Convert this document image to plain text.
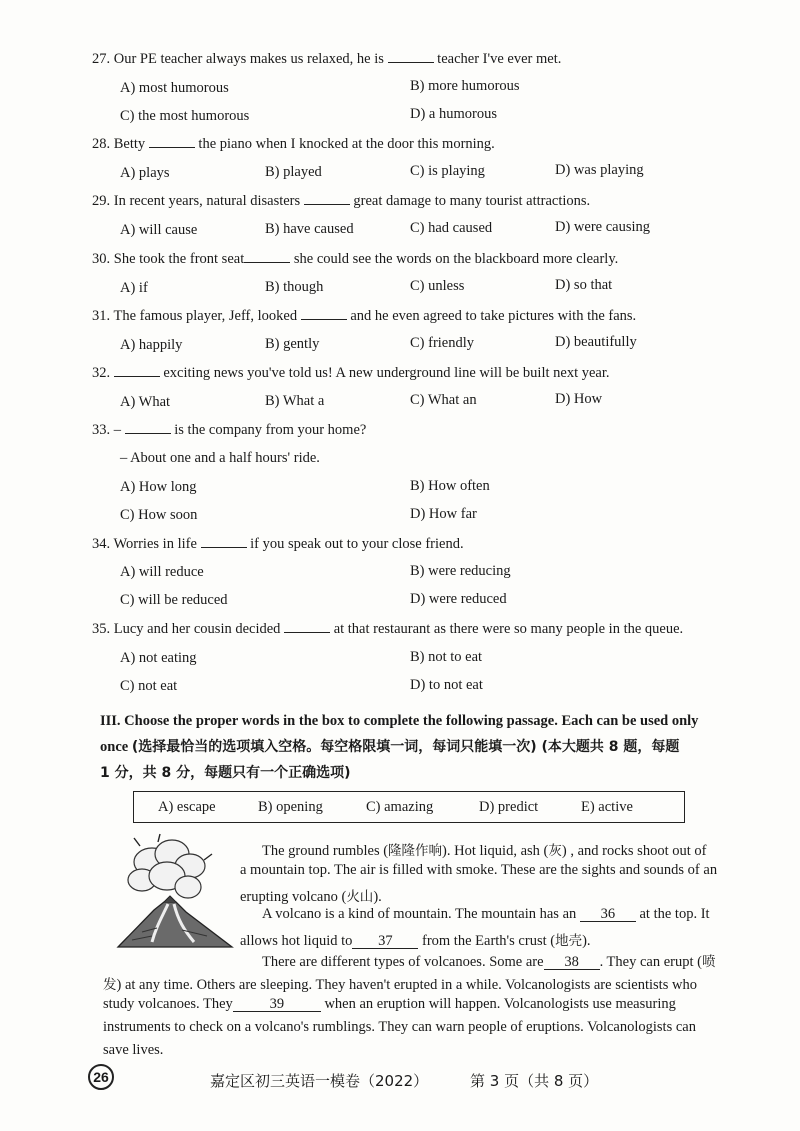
27. Our PE teacher always makes us relaxed, he is	teacher I've ever met.
A) most humorous	B) more humorous
C) the most humorous	D) a humorous
28. Betty	the piano when I knocked at the door this morning.
A) plays	B) played	C) is playing	D) was playing
29. In recent years, natural disasters	great damage to many tourist attractions.
A) will cause	B) have caused	C) had caused	D) were causing
30. She took the front seat	she could see the words on the blackboard more clearly.
A) if	B) though	C) unless	D) so that
31. The famous player, Jeff, looked	and he even agreed to take pictures with the fans.
A) happily	B) gently	C) friendly	D) beautifully
32.	exciting news you've told us! A new underground line will be built next year.
A) What	B) What a	C) What an	D) How
33. –	is the company from your home?
– About one and a half hours' ride.
A) How long	B) How often
C) How soon	D) How far
34. Worries in life	if you speak out to your close friend.
A) will reduce	B) were reducing
C) will be reduced	D) were reduced
35. Lucy and her cousin decided	at that restaurant as there were so many people in the queue.
A) not eating	B) not to eat
C) not eat	D) to not eat
III. Choose the proper words in the box to complete the following passage. Each can be used only
once (选择最恰当的选项填入空格。每空格限填一词，每词只能填一次) (本大题共 8 题，每题
1 分，共 8 分，每题只有一个正确选项)
A) escape	B) opening	C) amazing	D) predict	E) active
The ground rumbles (隆隆作响). Hot liquid, ash (灰) , and rocks shoot out of
a mountain top. The air is filled with smoke. These are the sights and sounds of an
erupting volcano (火山).
A volcano is a kind of mountain. The mountain has an 36 at the top. It
allows hot liquid to 37 from the Earth's crust (地壳).
There are different types of volcanoes. Some are 38 . They can erupt (喷
发) at any time. Others are sleeping. They haven't erupted in a while. Volcanologists are scientists who
study volcanoes. They	39	when an eruption will happen. Volcanologists use measuring
instruments to check on a volcano's rumblings. They can warn people of eruptions. Volcanologists can
save lives.
26	嘉定区初三英语一模卷（2022）	第 3 页（共 8 页）
